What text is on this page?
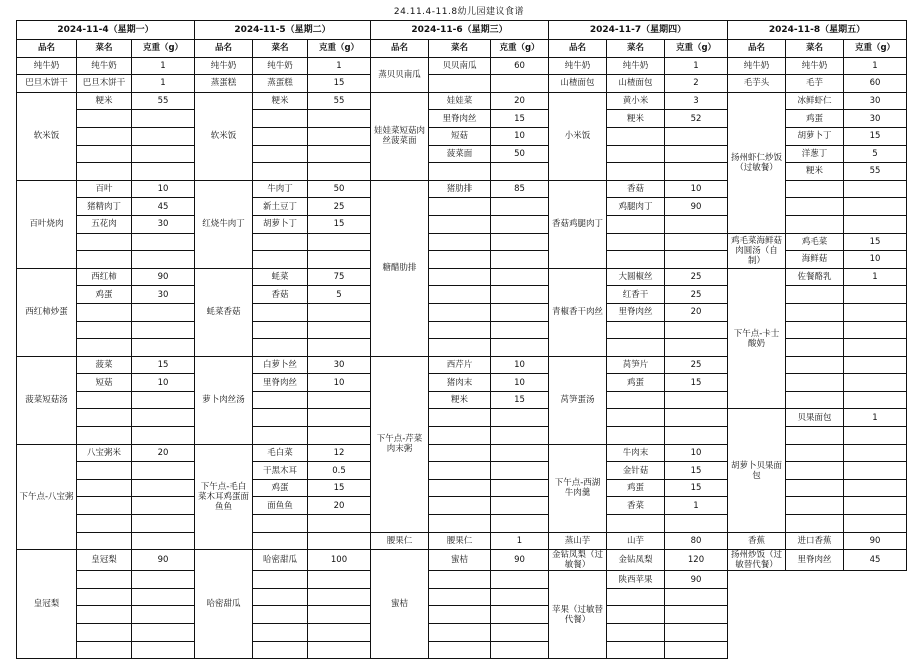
24.11.4-11.8幼儿园建议食谱
2024-11-4（星期一）			2024-11-5（星期二）			2024-11-6（星期三）			2024-11-7（星期四）			2024-11-8（星期五）		
品名	菜名	克重（g）	品名	菜名	克重（g）	品名	菜名	克重（g）	品名	菜名	克重（g）	品名	菜名	克重（g）
纯牛奶	纯牛奶	1	纯牛奶	纯牛奶	1	蒸贝贝南瓜	贝贝南瓜	60	纯牛奶	纯牛奶	1	纯牛奶	纯牛奶	1
巴旦木饼干	巴旦木饼干	1	蒸蛋糕	蒸蛋糕	15				山楂面包	山楂面包	2	毛芋头	毛芋	60
软米饭	粳米	55	软米饭	粳米	55	娃娃菜短菇肉丝菠菜面	娃娃菜	20	小米饭	黄小米	3	扬州虾仁炒饭（过敏餐）	冰鲜虾仁	30
							里脊肉丝	15		粳米	52		鸡蛋	30
							短菇	10					胡萝卜丁	15
							菠菜面	50					洋葱丁	5
													粳米	55
百叶烧肉	百叶	10	红烧牛肉丁	牛肉丁	50	糖醋肋排	猪肋排	85	香菇鸡腿肉丁	香菇	10			
	猪精肉丁	45		新土豆丁	25					鸡腿肉丁	90			
	五花肉	30		胡萝卜丁	15									
												鸡毛菜海鲜菇肉圆汤（自制）	鸡毛菜	15
													海鲜菇	10
西红柿炒蛋	西红柿	90	蚝菜香菇	蚝菜	75				青椒香干肉丝	大圆椒丝	25	下午点-卡士酸奶	佐餐酪乳	1
	鸡蛋	30		香菇	5					红香干	25			
										里脊肉丝	20			

菠菜短菇汤	菠菜	15	萝卜肉丝汤	白萝卜丝	30	下午点-芹菜肉末粥	西芹片	10	莴笋蛋汤	莴笋片	25			
	短菇	10		里脊肉丝	10		猪肉末	10		鸡蛋	15			
							粳米	15						
												胡萝卜贝果面包	贝果面包	1

下午点-八宝粥	八宝粥米	20	下午点-毛白菜木耳鸡蛋面鱼鱼	毛白菜	12				下午点-西湖牛肉羹	牛肉末	10			
				干黑木耳	0.5					金针菇	15			
				鸡蛋	15					鸡蛋	15			
				面鱼鱼	20					香菜	1			

						腰果仁	腰果仁	1	蒸山芋	山芋	80	香蕉	进口香蕉	90
皇冠梨	皇冠梨	90	哈密甜瓜	哈密甜瓜	100	蜜桔	蜜桔	90	金钻凤梨（过敏餐）	金钻凤梨	120	扬州炒饭（过敏替代餐）	里脊肉丝	45
									苹果（过敏替代餐）	陕西苹果	90			
